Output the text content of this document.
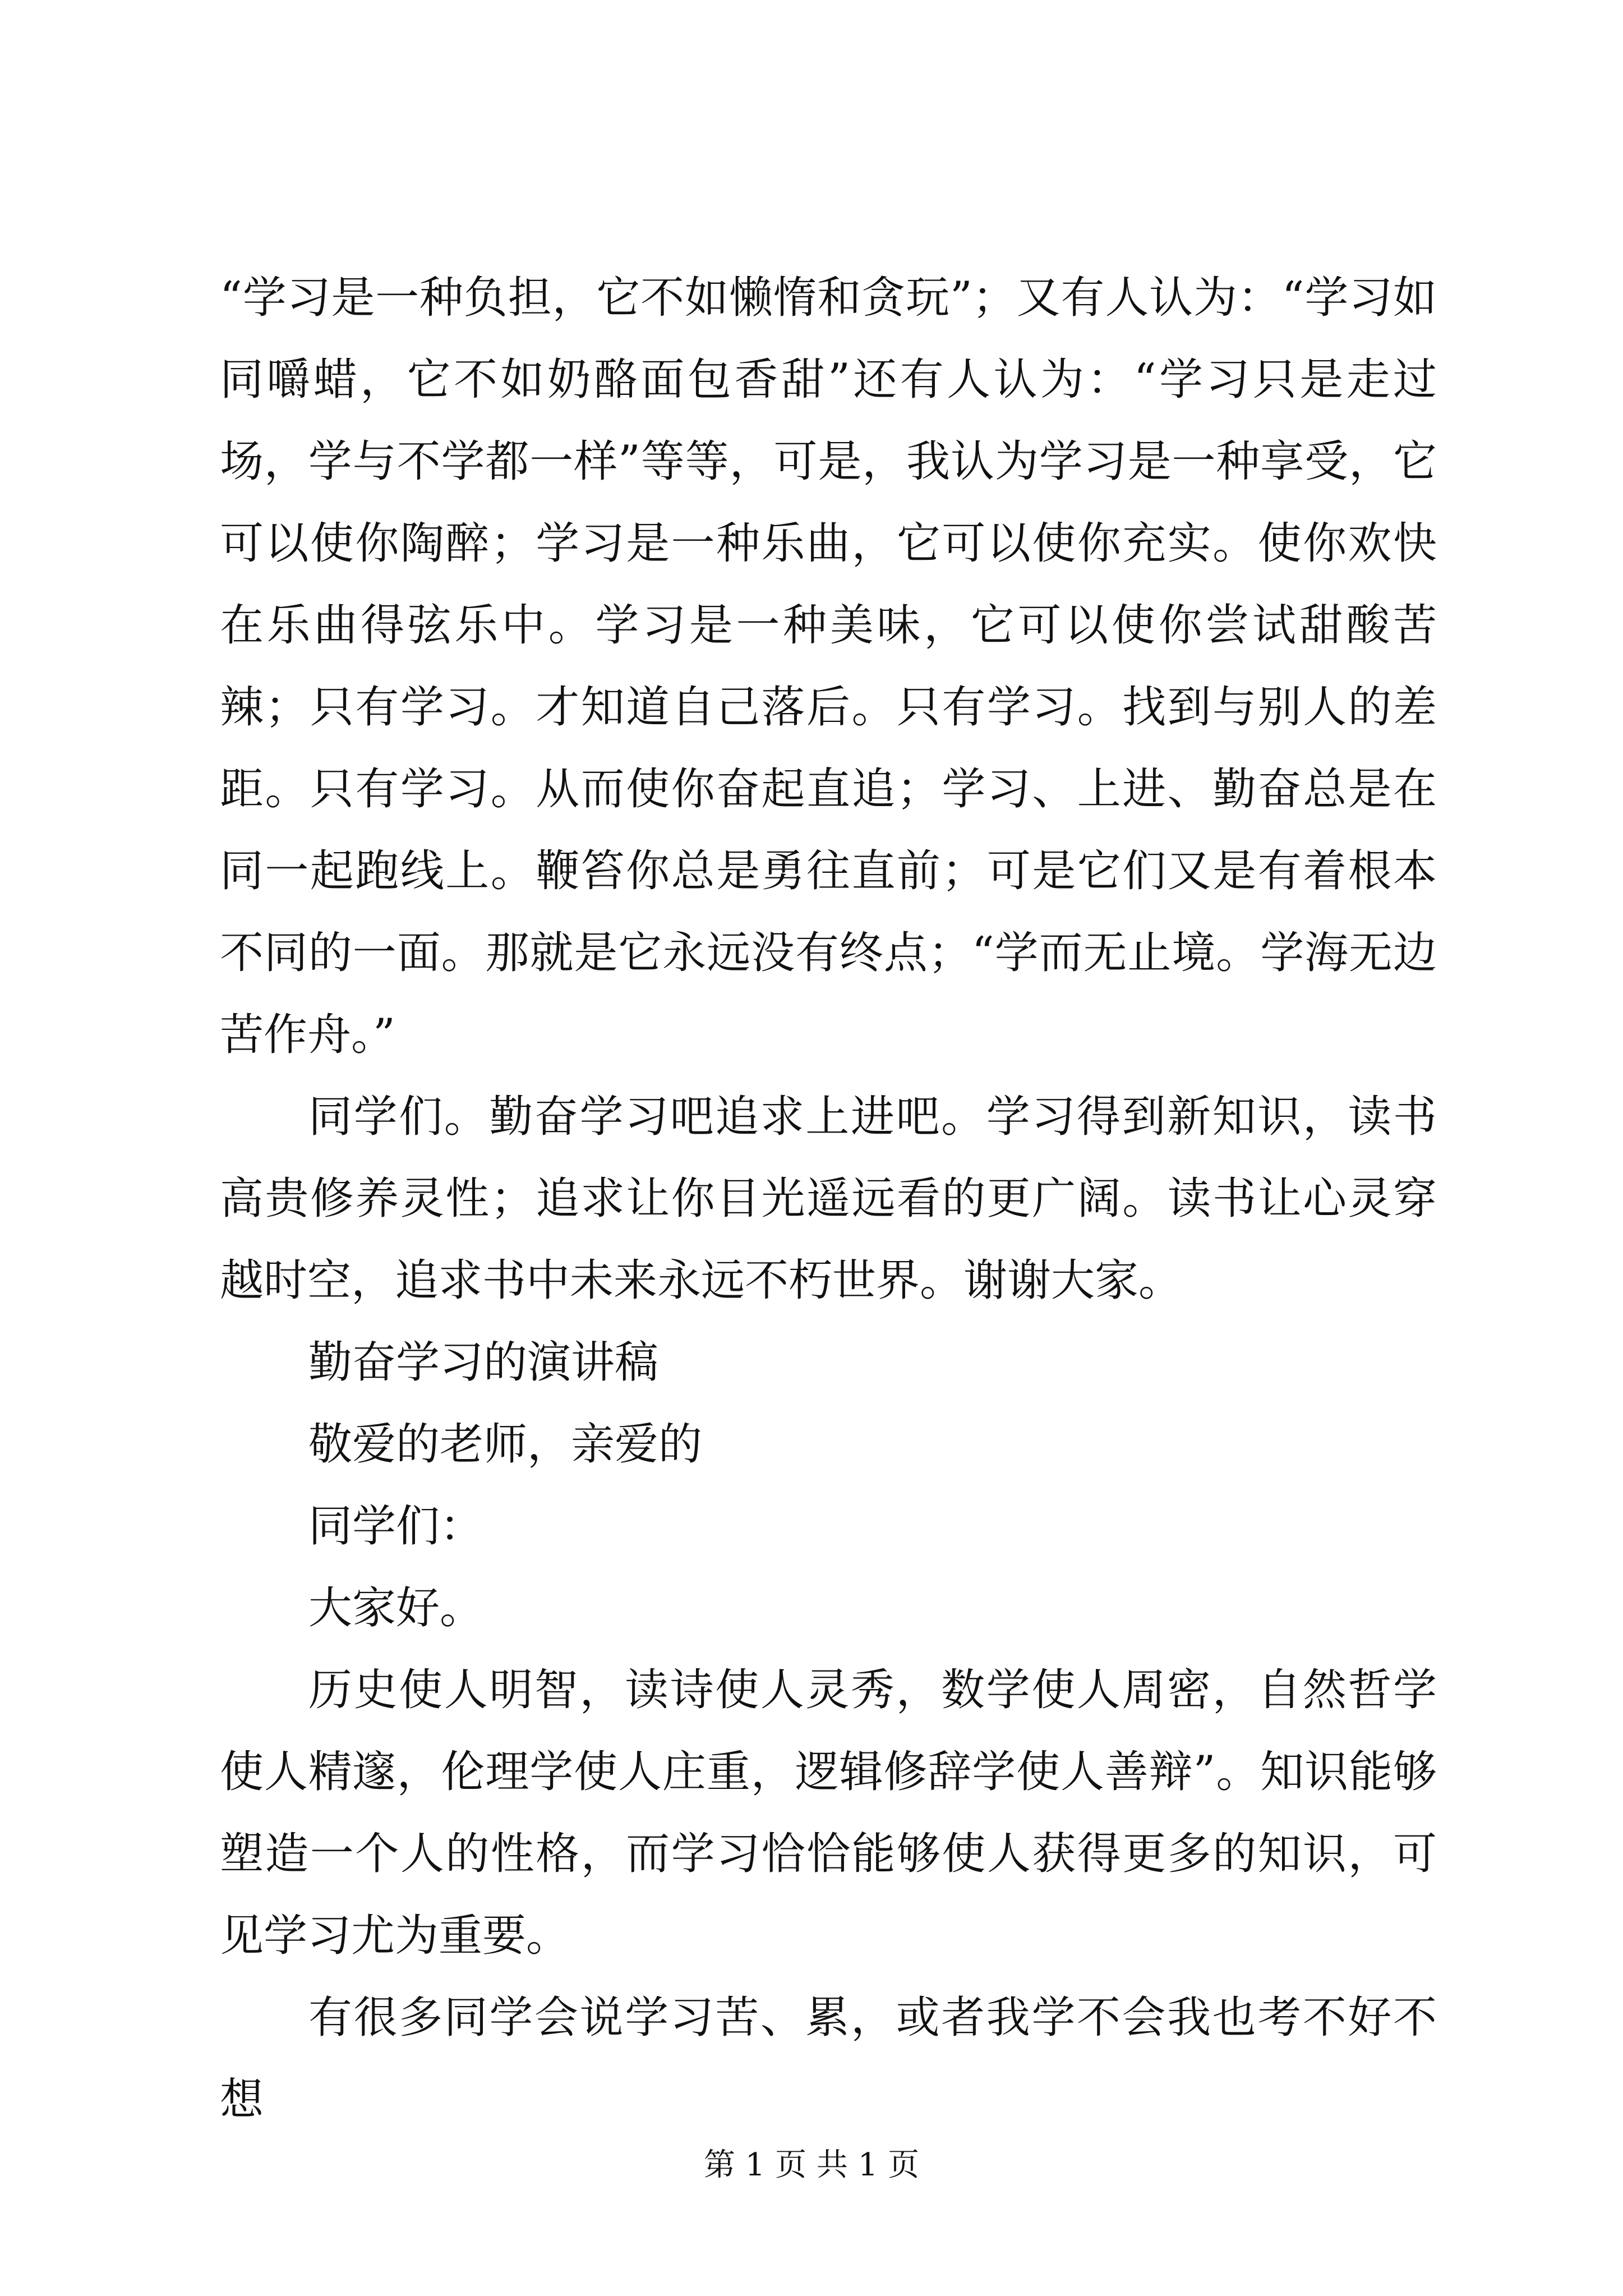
“学习是一种负担，它不如懒惰和贪玩”；又有人认为：“学习如同嚼蜡，它不如奶酪面包香甜”还有人认为：“学习只是走过场，学与不学都一样”等等，可是，我认为学习是一种享受，它可以使你陶醉；学习是一种乐曲，它可以使你充实。使你欢快在乐曲得弦乐中。学习是一种美味，它可以使你尝试甜酸苦辣；只有学习。才知道自己落后。只有学习。找到与别人的差距。只有学习。从而使你奋起直追；学习、上进、勤奋总是在同一起跑线上。鞭笞你总是勇往直前；可是它们又是有着根本不同的一面。那就是它永远没有终点；“学而无止境。学海无边苦作舟。”

同学们。勤奋学习吧追求上进吧。学习得到新知识，读书高贵修养灵性；追求让你目光遥远看的更广阔。读书让心灵穿越时空，追求书中未来永远不朽世界。谢谢大家。

勤奋学习的演讲稿

敬爱的老师，亲爱的

同学们：

大家好。

历史使人明智，读诗使人灵秀，数学使人周密，自然哲学使人精邃，伦理学使人庄重，逻辑修辞学使人善辩”。知识能够塑造一个人的性格，而学习恰恰能够使人获得更多的知识，可见学习尤为重要。

有很多同学会说学习苦、累，或者我学不会我也考不好不想

第 1 页 共 1 页
